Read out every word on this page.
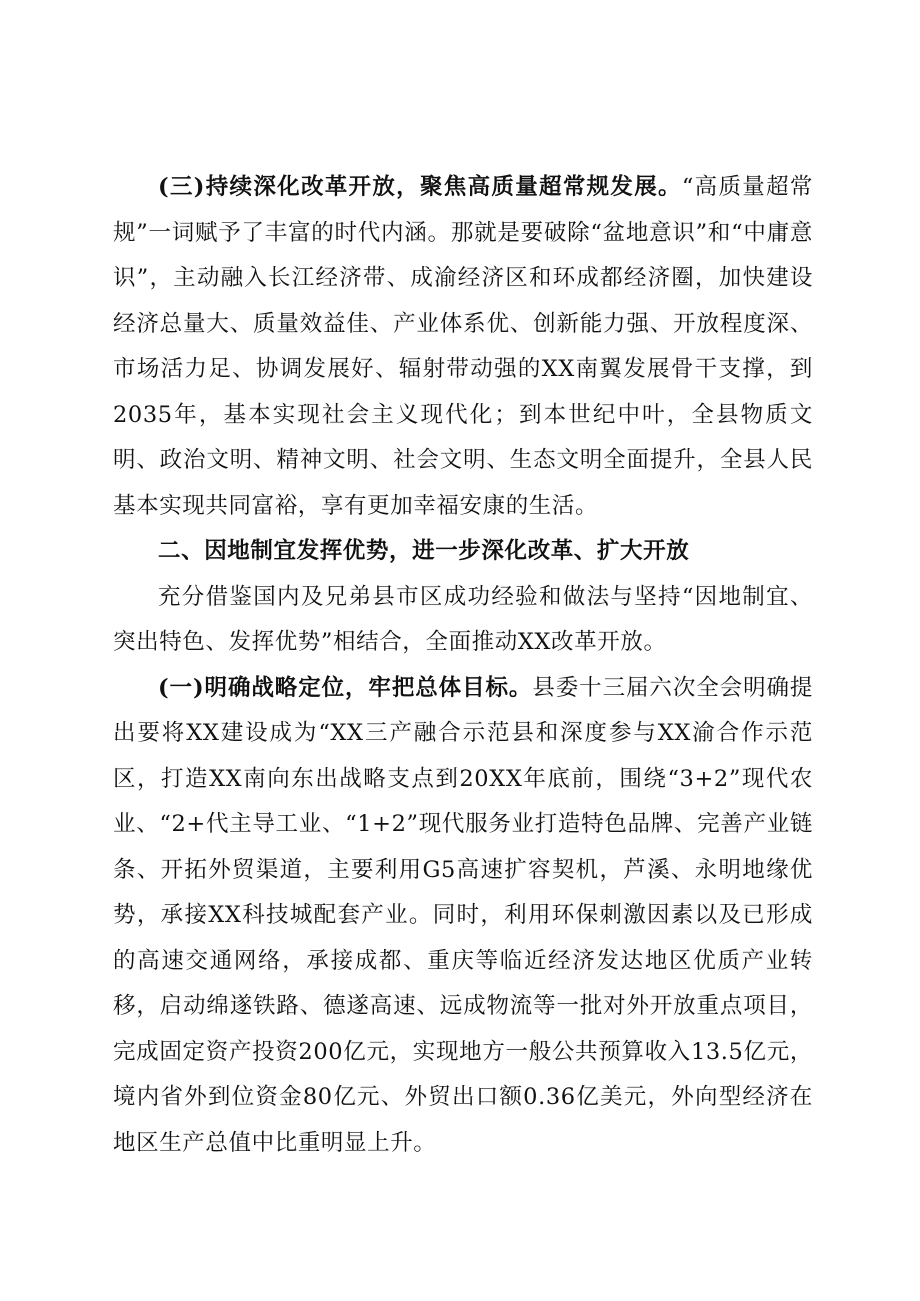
(三)持续深化改革开放，聚焦高质量超常规发展。“高质量超常规”一词赋予了丰富的时代内涵。那就是要破除“盆地意识”和“中庸意识”，主动融入长江经济带、成渝经济区和环成都经济圈，加快建设经济总量大、质量效益佳、产业体系优、创新能力强、开放程度深、市场活力足、协调发展好、辐射带动强的XX南翼发展骨干支撑，到2035年，基本实现社会主义现代化；到本世纪中叶，全县物质文明、政治文明、精神文明、社会文明、生态文明全面提升，全县人民基本实现共同富裕，享有更加幸福安康的生活。

二、因地制宜发挥优势，进一步深化改革、扩大开放

充分借鉴国内及兄弟县市区成功经验和做法与坚持“因地制宜、突出特色、发挥优势”相结合，全面推动XX改革开放。

(一)明确战略定位，牢把总体目标。县委十三届六次全会明确提出要将XX建设成为“XX三产融合示范县和深度参与XX渝合作示范区，打造XX南向东出战略支点到20XX年底前，围绕“3+2”现代农业、“2+代主导工业、“1+2”现代服务业打造特色品牌、完善产业链条、开拓外贸渠道，主要利用G5高速扩容契机，芦溪、永明地缘优势，承接XX科技城配套产业。同时，利用环保刺激因素以及已形成的高速交通网络，承接成都、重庆等临近经济发达地区优质产业转移，启动绵遂铁路、德遂高速、远成物流等一批对外开放重点项目，完成固定资产投资200亿元，实现地方一般公共预算收入13.5亿元，境内省外到位资金80亿元、外贸出口额0.36亿美元，外向型经济在地区生产总值中比重明显上升。
